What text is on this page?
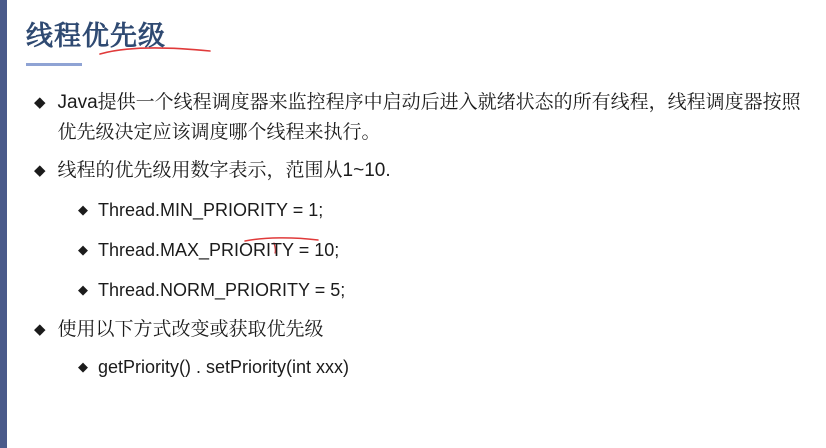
线程优先级
◆ Java提供一个线程调度器来监控程序中启动后进入就绪状态的所有线程，线程调度器按照优先级决定应该调度哪个线程来执行。
◆ 线程的优先级用数字表示，范围从1~10.
◆ Thread.MIN_PRIORITY = 1;
◆ Thread.MAX_PRIORITY = 10;
◆ Thread.NORM_PRIORITY = 5;
◆ 使用以下方式改变或获取优先级
◆ getPriority() . setPriority(int xxx)
